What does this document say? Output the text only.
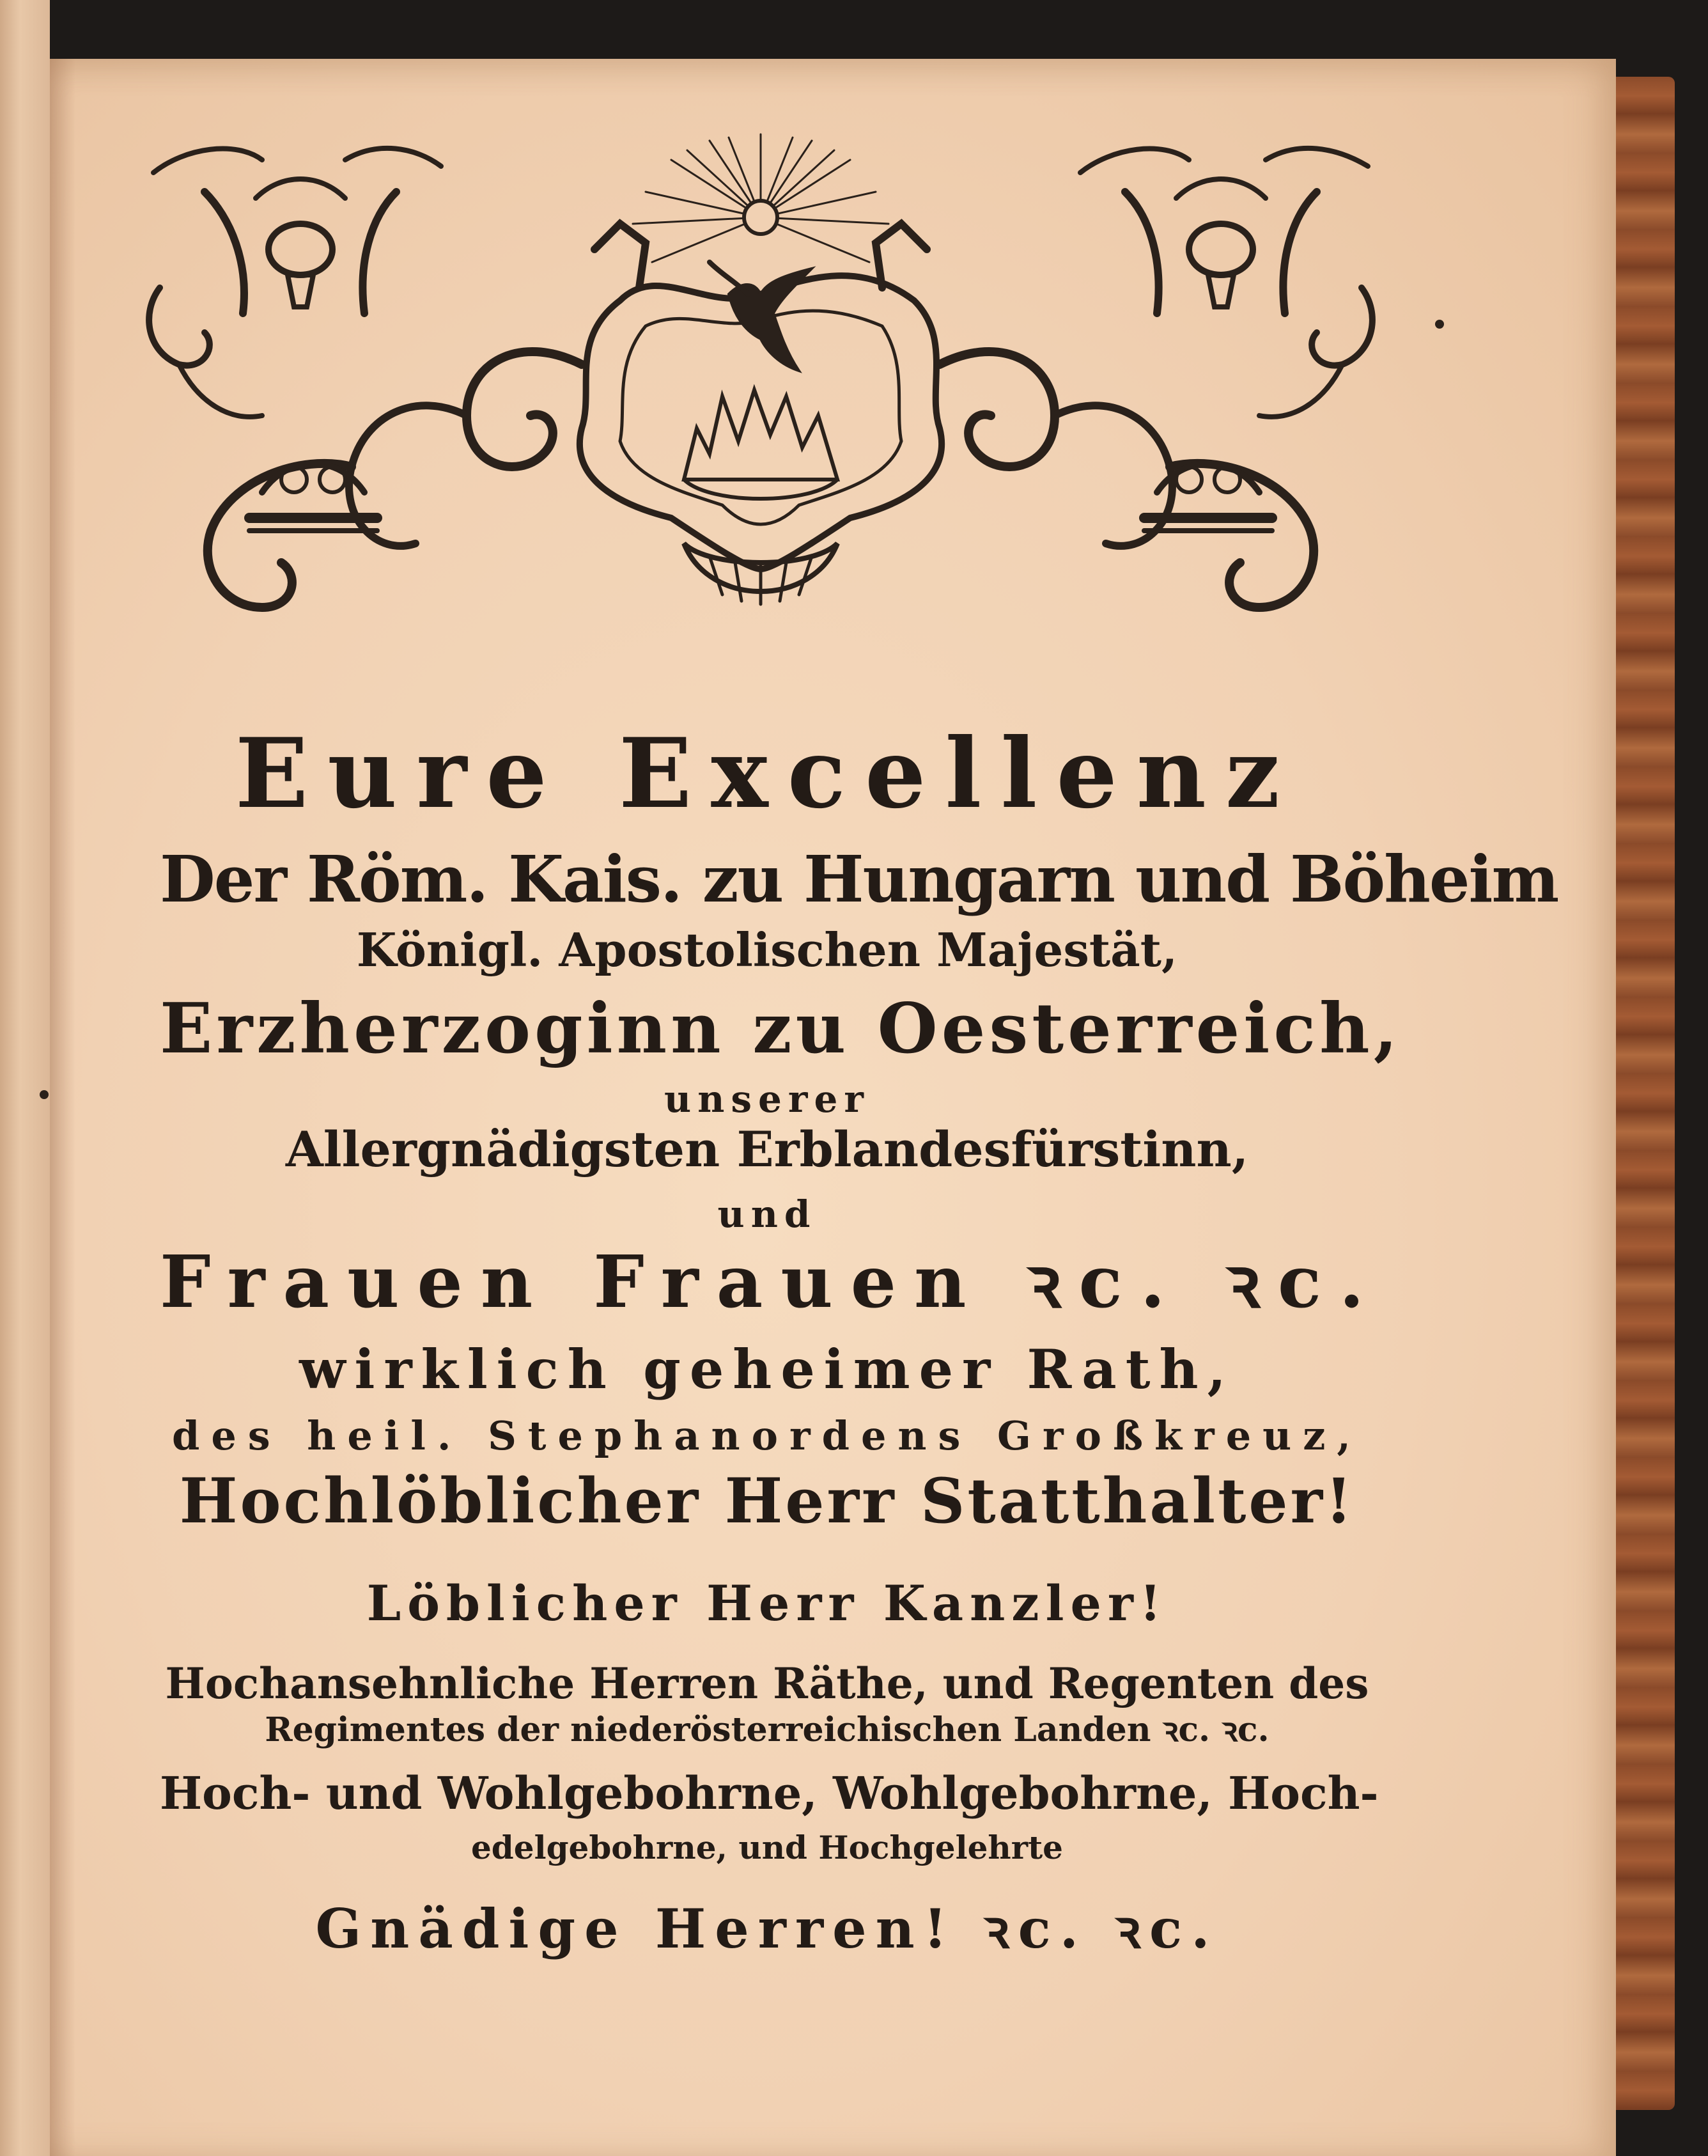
Eure Excellenz
Der Röm. Kais. zu Hungarn und Böheim
Königl. Apostolischen Majestät,
Erzherzoginn zu Oesterreich,
unserer
Allergnädigsten Erblandesfürstinn,
und
Frauen Frauen ꝛc. ꝛc.
wirklich geheimer Rath,
des heil. Stephanordens Großkreuz,
Hochlöblicher Herr Statthalter!
Löblicher Herr Kanzler!
Hochansehnliche Herren Räthe, und Regenten des
Regimentes der niederösterreichischen Landen ꝛc. ꝛc.
Hoch- und Wohlgebohrne, Wohlgebohrne, Hoch-
edelgebohrne, und Hochgelehrte
Gnädige Herren! ꝛc. ꝛc.
